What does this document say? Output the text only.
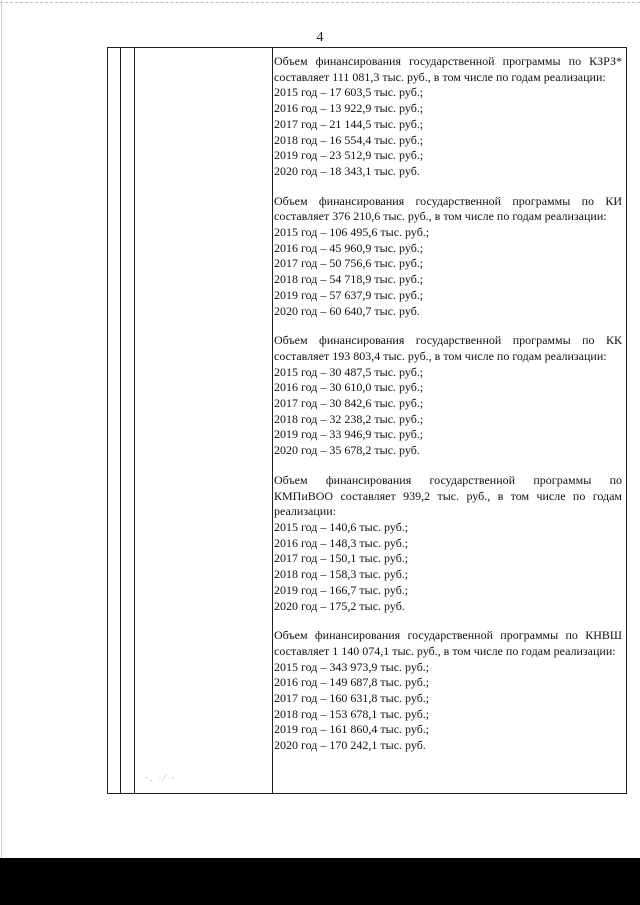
4
Объем финансирования государственной программы по КЗРЗ* составляет 111 081,3 тыс. руб., в том числе по годам реализации:
2015 год – 17 603,5 тыс. руб.;
2016 год – 13 922,9 тыс. руб.;
2017 год – 21 144,5 тыс. руб.;
2018 год – 16 554,4 тыс. руб.;
2019 год – 23 512,9 тыс. руб.;
2020 год – 18 343,1 тыс. руб.
Объем финансирования государственной программы по КИ составляет 376 210,6 тыс. руб., в том числе по годам реализации:
2015 год – 106 495,6 тыс. руб.;
2016 год – 45 960,9 тыс. руб.;
2017 год – 50 756,6 тыс. руб.;
2018 год – 54 718,9 тыс. руб.;
2019 год – 57 637,9 тыс. руб.;
2020 год – 60 640,7 тыс. руб.
Объем финансирования государственной программы по КК составляет 193 803,4 тыс. руб., в том числе по годам реализации:
2015 год – 30 487,5 тыс. руб.;
2016 год – 30 610,0 тыс. руб.;
2017 год – 30 842,6 тыс. руб.;
2018 год – 32 238,2 тыс. руб.;
2019 год – 33 946,9 тыс. руб.;
2020 год – 35 678,2 тыс. руб.
Объем финансирования государственной программы по КМПиВОО составляет 939,2 тыс. руб., в том числе по годам реализации:
2015 год – 140,6 тыс. руб.;
2016 год – 148,3 тыс. руб.;
2017 год – 150,1 тыс. руб.;
2018 год – 158,3 тыс. руб.;
2019 год – 166,7 тыс. руб.;
2020 год – 175,2 тыс. руб.
Объем финансирования государственной программы по КНВШ составляет 1 140 074,1 тыс. руб., в том числе по годам реализации:
2015 год – 343 973,9 тыс. руб.;
2016 год – 149 687,8 тыс. руб.;
2017 год – 160 631,8 тыс. руб.;
2018 год – 153 678,1 тыс. руб.;
2019 год – 161 860,4 тыс. руб.;
2020 год – 170 242,1 тыс. руб.
·. ·⁄ ·
